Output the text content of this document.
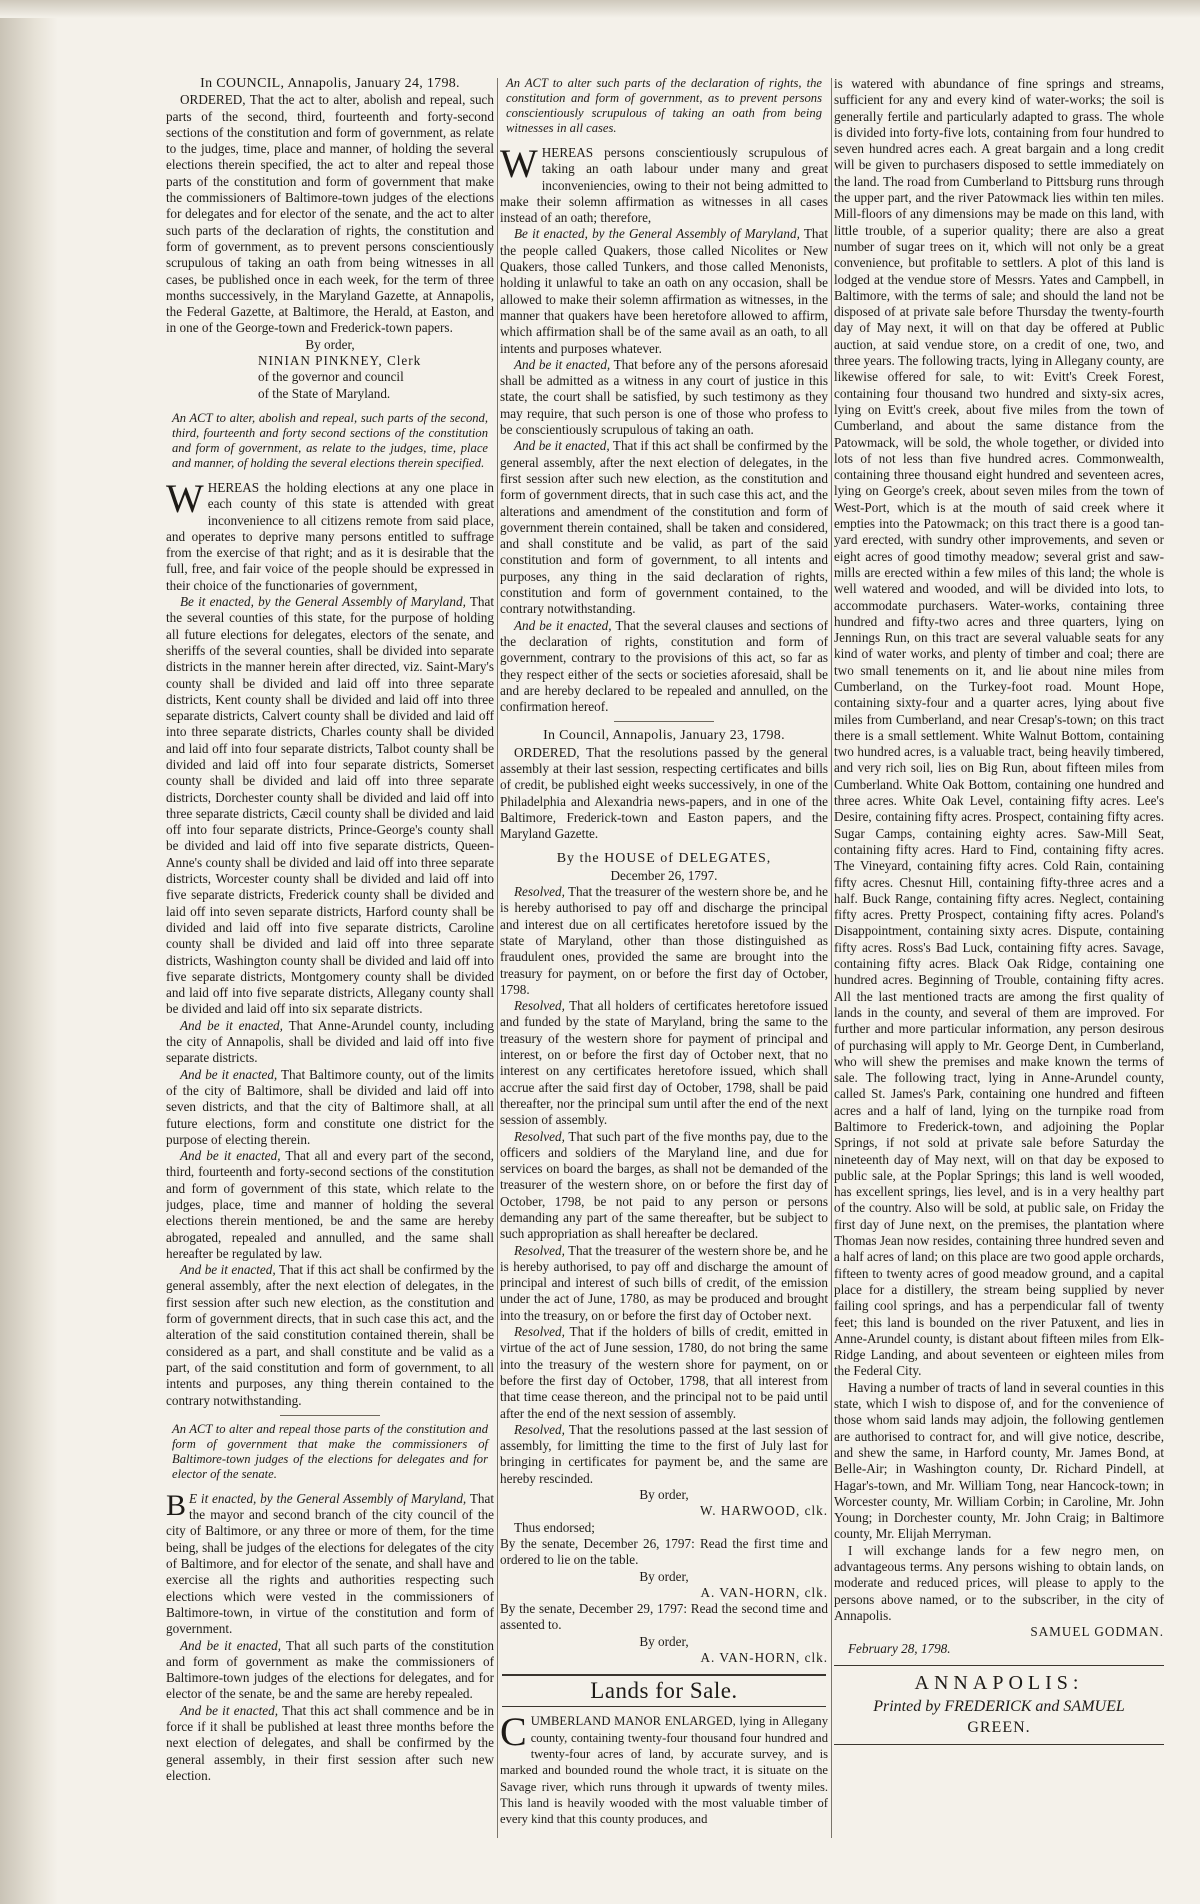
In COUNCIL, Annapolis, January 24, 1798.

ORDERED, That the act to alter, abolish and repeal, such parts of the second, third, fourteenth and forty-second sections of the constitution and form of government, as relate to the judges, time, place and manner, of holding the several elections therein specified, the act to alter and repeal those parts of the constitution and form of government that make the commissioners of Baltimore-town judges of the elections for delegates and for elector of the senate, and the act to alter such parts of the declaration of rights, the constitution and form of government, as to prevent persons conscientiously scrupulous of taking an oath from being witnesses in all cases, be published once in each week, for the term of three months successively, in the Maryland Gazette, at Annapolis, the Federal Gazette, at Baltimore, the Herald, at Easton, and in one of the George-town and Frederick-town papers.

By order,

NINIAN PINKNEY, Clerk

of the governor and council

of the State of Maryland.

An ACT to alter, abolish and repeal, such parts of the second, third, fourteenth and forty second sections of the constitution and form of government, as relate to the judges, time, place and manner, of holding the several elections therein specified.

WHEREAS the holding elections at any one place in each county of this state is attended with great inconvenience to all citizens remote from said place, and operates to deprive many persons entitled to suffrage from the exercise of that right; and as it is desirable that the full, free, and fair voice of the people should be expressed in their choice of the functionaries of government,

Be it enacted, by the General Assembly of Maryland, That the several counties of this state, for the purpose of holding all future elections for delegates, electors of the senate, and sheriffs of the several counties, shall be divided into separate districts in the manner herein after directed, viz. Saint-Mary's county shall be divided and laid off into three separate districts, Kent county shall be divided and laid off into three separate districts, Calvert county shall be divided and laid off into three separate districts, Charles county shall be divided and laid off into four separate districts, Talbot county shall be divided and laid off into four separate districts, Somerset county shall be divided and laid off into three separate districts, Dorchester county shall be divided and laid off into three separate districts, Cæcil county shall be divided and laid off into four separate districts, Prince-George's county shall be divided and laid off into five separate districts, Queen-Anne's county shall be divided and laid off into three separate districts, Worcester county shall be divided and laid off into five separate districts, Frederick county shall be divided and laid off into seven separate districts, Harford county shall be divided and laid off into five separate districts, Caroline county shall be divided and laid off into three separate districts, Washington county shall be divided and laid off into five separate districts, Montgomery county shall be divided and laid off into five separate districts, Allegany county shall be divided and laid off into six separate districts.

And be it enacted, That Anne-Arundel county, including the city of Annapolis, shall be divided and laid off into five separate districts.

And be it enacted, That Baltimore county, out of the limits of the city of Baltimore, shall be divided and laid off into seven districts, and that the city of Baltimore shall, at all future elections, form and constitute one district for the purpose of electing therein.

And be it enacted, That all and every part of the second, third, fourteenth and forty-second sections of the constitution and form of government of this state, which relate to the judges, place, time and manner of holding the several elections therein mentioned, be and the same are hereby abrogated, repealed and annulled, and the same shall hereafter be regulated by law.

And be it enacted, That if this act shall be confirmed by the general assembly, after the next election of delegates, in the first session after such new election, as the constitution and form of government directs, that in such case this act, and the alteration of the said constitution contained therein, shall be considered as a part, and shall constitute and be valid as a part, of the said constitution and form of government, to all intents and purposes, any thing therein contained to the contrary notwithstanding.

An ACT to alter and repeal those parts of the constitution and form of government that make the commissioners of Baltimore-town judges of the elections for delegates and for elector of the senate.

B E it enacted, by the General Assembly of Maryland, That the mayor and second branch of the city council of the city of Baltimore, or any three or more of them, for the time being, shall be judges of the elections for delegates of the city of Baltimore, and for elector of the senate, and shall have and exercise all the rights and authorities respecting such elections which were vested in the commissioners of Baltimore-town, in virtue of the constitution and form of government.

And be it enacted, That all such parts of the constitution and form of government as make the commissioners of Baltimore-town judges of the elections for delegates, and for elector of the senate, be and the same are hereby repealed.

And be it enacted, That this act shall commence and be in force if it shall be published at least three months before the next election of delegates, and shall be confirmed by the general assembly, in their first session after such new election.

An ACT to alter such parts of the declaration of rights, the constitution and form of government, as to prevent persons conscientiously scrupulous of taking an oath from being witnesses in all cases.

WHEREAS persons conscientiously scrupulous of taking an oath labour under many and great inconveniencies, owing to their not being admitted to make their solemn affirmation as witnesses in all cases instead of an oath; therefore,

Be it enacted, by the General Assembly of Maryland, That the people called Quakers, those called Nicolites or New Quakers, those called Tunkers, and those called Menonists, holding it unlawful to take an oath on any occasion, shall be allowed to make their solemn affirmation as witnesses, in the manner that quakers have been heretofore allowed to affirm, which affirmation shall be of the same avail as an oath, to all intents and purposes whatever.

And be it enacted, That before any of the persons aforesaid shall be admitted as a witness in any court of justice in this state, the court shall be satisfied, by such testimony as they may require, that such person is one of those who profess to be conscientiously scrupulous of taking an oath.

And be it enacted, That if this act shall be confirmed by the general assembly, after the next election of delegates, in the first session after such new election, as the constitution and form of government directs, that in such case this act, and the alterations and amendment of the constitution and form of government therein contained, shall be taken and considered, and shall constitute and be valid, as part of the said constitution and form of government, to all intents and purposes, any thing in the said declaration of rights, constitution and form of government contained, to the contrary notwithstanding.

And be it enacted, That the several clauses and sections of the declaration of rights, constitution and form of government, contrary to the provisions of this act, so far as they respect either of the sects or societies aforesaid, shall be and are hereby declared to be repealed and annulled, on the confirmation hereof.

In Council, Annapolis, January 23, 1798.

ORDERED, That the resolutions passed by the general assembly at their last session, respecting certificates and bills of credit, be published eight weeks successively, in one of the Philadelphia and Alexandria news-papers, and in one of the Baltimore, Frederick-town and Easton papers, and the Maryland Gazette.

By the HOUSE of DELEGATES,

December 26, 1797.

Resolved, That the treasurer of the western shore be, and he is hereby authorised to pay off and discharge the principal and interest due on all certificates heretofore issued by the state of Maryland, other than those distinguished as fraudulent ones, provided the same are brought into the treasury for payment, on or before the first day of October, 1798.

Resolved, That all holders of certificates heretofore issued and funded by the state of Maryland, bring the same to the treasury of the western shore for payment of principal and interest, on or before the first day of October next, that no interest on any certificates heretofore issued, which shall accrue after the said first day of October, 1798, shall be paid thereafter, nor the principal sum until after the end of the next session of assembly.

Resolved, That such part of the five months pay, due to the officers and soldiers of the Maryland line, and due for services on board the barges, as shall not be demanded of the treasurer of the western shore, on or before the first day of October, 1798, be not paid to any person or persons demanding any part of the same thereafter, but be subject to such appropriation as shall hereafter be declared.

Resolved, That the treasurer of the western shore be, and he is hereby authorised, to pay off and discharge the amount of principal and interest of such bills of credit, of the emission under the act of June, 1780, as may be produced and brought into the treasury, on or before the first day of October next.

Resolved, That if the holders of bills of credit, emitted in virtue of the act of June session, 1780, do not bring the same into the treasury of the western shore for payment, on or before the first day of October, 1798, that all interest from that time cease thereon, and the principal not to be paid until after the end of the next session of assembly.

Resolved, That the resolutions passed at the last session of assembly, for limitting the time to the first of July last for bringing in certificates for payment be, and the same are hereby rescinded.

By order,

W. HARWOOD, clk.

Thus endorsed;

By the senate, December 26, 1797: Read the first time and ordered to lie on the table.

By order,

A. VAN-HORN, clk.

By the senate, December 29, 1797: Read the second time and assented to.

By order,

A. VAN-HORN, clk.

Lands for Sale.

CUMBERLAND MANOR ENLARGED, lying in Allegany county, containing twenty-four thousand four hundred and twenty-four acres of land, by accurate survey, and is marked and bounded round the whole tract, it is situate on the Savage river, which runs through it upwards of twenty miles. This land is heavily wooded with the most valuable timber of every kind that this county produces, and

is watered with abundance of fine springs and streams, sufficient for any and every kind of water-works; the soil is generally fertile and particularly adapted to grass. The whole is divided into forty-five lots, containing from four hundred to seven hundred acres each. A great bargain and a long credit will be given to purchasers disposed to settle immediately on the land. The road from Cumberland to Pittsburg runs through the upper part, and the river Patowmack lies within ten miles. Mill-floors of any dimensions may be made on this land, with little trouble, of a superior quality; there are also a great number of sugar trees on it, which will not only be a great convenience, but profitable to settlers. A plot of this land is lodged at the vendue store of Messrs. Yates and Campbell, in Baltimore, with the terms of sale; and should the land not be disposed of at private sale before Thursday the twenty-fourth day of May next, it will on that day be offered at Public auction, at said vendue store, on a credit of one, two, and three years. The following tracts, lying in Allegany county, are likewise offered for sale, to wit: Evitt's Creek Forest, containing four thousand two hundred and sixty-six acres, lying on Evitt's creek, about five miles from the town of Cumberland, and about the same distance from the Patowmack, will be sold, the whole together, or divided into lots of not less than five hundred acres. Commonwealth, containing three thousand eight hundred and seventeen acres, lying on George's creek, about seven miles from the town of West-Port, which is at the mouth of said creek where it empties into the Patowmack; on this tract there is a good tan-yard erected, with sundry other improvements, and seven or eight acres of good timothy meadow; several grist and saw-mills are erected within a few miles of this land; the whole is well watered and wooded, and will be divided into lots, to accommodate purchasers. Water-works, containing three hundred and fifty-two acres and three quarters, lying on Jennings Run, on this tract are several valuable seats for any kind of water works, and plenty of timber and coal; there are two small tenements on it, and lie about nine miles from Cumberland, on the Turkey-foot road. Mount Hope, containing sixty-four and a quarter acres, lying about five miles from Cumberland, and near Cresap's-town; on this tract there is a small settlement. White Walnut Bottom, containing two hundred acres, is a valuable tract, being heavily timbered, and very rich soil, lies on Big Run, about fifteen miles from Cumberland. White Oak Bottom, containing one hundred and three acres. White Oak Level, containing fifty acres. Lee's Desire, containing fifty acres. Prospect, containing fifty acres. Sugar Camps, containing eighty acres. Saw-Mill Seat, containing fifty acres. Hard to Find, containing fifty acres. The Vineyard, containing fifty acres. Cold Rain, containing fifty acres. Chesnut Hill, containing fifty-three acres and a half. Buck Range, containing fifty acres. Neglect, containing fifty acres. Pretty Prospect, containing fifty acres. Poland's Disappointment, containing sixty acres. Dispute, containing fifty acres. Ross's Bad Luck, containing fifty acres. Savage, containing fifty acres. Black Oak Ridge, containing one hundred acres. Beginning of Trouble, containing fifty acres. All the last mentioned tracts are among the first quality of lands in the county, and several of them are improved. For further and more particular information, any person desirous of purchasing will apply to Mr. George Dent, in Cumberland, who will shew the premises and make known the terms of sale. The following tract, lying in Anne-Arundel county, called St. James's Park, containing one hundred and fifteen acres and a half of land, lying on the turnpike road from Baltimore to Frederick-town, and adjoining the Poplar Springs, if not sold at private sale before Saturday the nineteenth day of May next, will on that day be exposed to public sale, at the Poplar Springs; this land is well wooded, has excellent springs, lies level, and is in a very healthy part of the country. Also will be sold, at public sale, on Friday the first day of June next, on the premises, the plantation where Thomas Jean now resides, containing three hundred seven and a half acres of land; on this place are two good apple orchards, fifteen to twenty acres of good meadow ground, and a capital place for a distillery, the stream being supplied by never failing cool springs, and has a perpendicular fall of twenty feet; this land is bounded on the river Patuxent, and lies in Anne-Arundel county, is distant about fifteen miles from Elk-Ridge Landing, and about seventeen or eighteen miles from the Federal City.

Having a number of tracts of land in several counties in this state, which I wish to dispose of, and for the convenience of those whom said lands may adjoin, the following gentlemen are authorised to contract for, and will give notice, describe, and shew the same, in Harford county, Mr. James Bond, at Belle-Air; in Washington county, Dr. Richard Pindell, at Hagar's-town, and Mr. William Tong, near Hancock-town; in Worcester county, Mr. William Corbin; in Caroline, Mr. John Young; in Dorchester county, Mr. John Craig; in Baltimore county, Mr. Elijah Merryman.

I will exchange lands for a few negro men, on advantageous terms. Any persons wishing to obtain lands, on moderate and reduced prices, will please to apply to the persons above named, or to the subscriber, in the city of Annapolis.

SAMUEL GODMAN.

February 28, 1798.

ANNAPOLIS:
Printed by FREDERICK and SAMUEL
GREEN.
